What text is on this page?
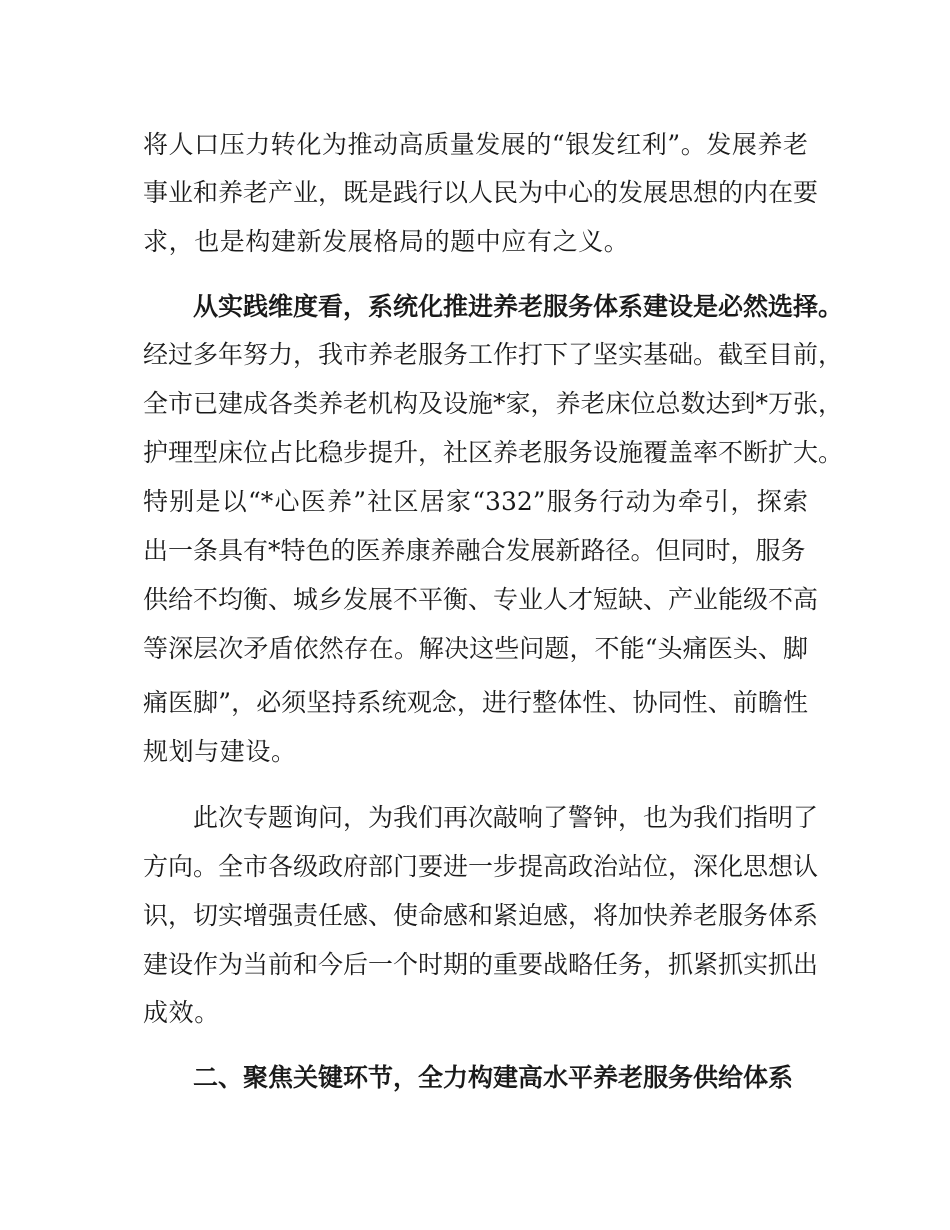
将人口压力转化为推动高质量发展的“银发红利”。发展养老
事业和养老产业，既是践行以人民为中心的发展思想的内在要
求，也是构建新发展格局的题中应有之义。
从实践维度看，系统化推进养老服务体系建设是必然选择。
经过多年努力，我市养老服务工作打下了坚实基础。截至目前，
全市已建成各类养老机构及设施*家，养老床位总数达到*万张，
护理型床位占比稳步提升，社区养老服务设施覆盖率不断扩大。
特别是以“*心医养”社区居家“332”服务行动为牵引，探索
出一条具有*特色的医养康养融合发展新路径。但同时，服务
供给不均衡、城乡发展不平衡、专业人才短缺、产业能级不高
等深层次矛盾依然存在。解决这些问题，不能“头痛医头、脚
痛医脚”，必须坚持系统观念，进行整体性、协同性、前瞻性
规划与建设。
此次专题询问，为我们再次敲响了警钟，也为我们指明了
方向。全市各级政府部门要进一步提高政治站位，深化思想认
识，切实增强责任感、使命感和紧迫感，将加快养老服务体系
建设作为当前和今后一个时期的重要战略任务，抓紧抓实抓出
成效。
二、聚焦关键环节，全力构建高水平养老服务供给体系
